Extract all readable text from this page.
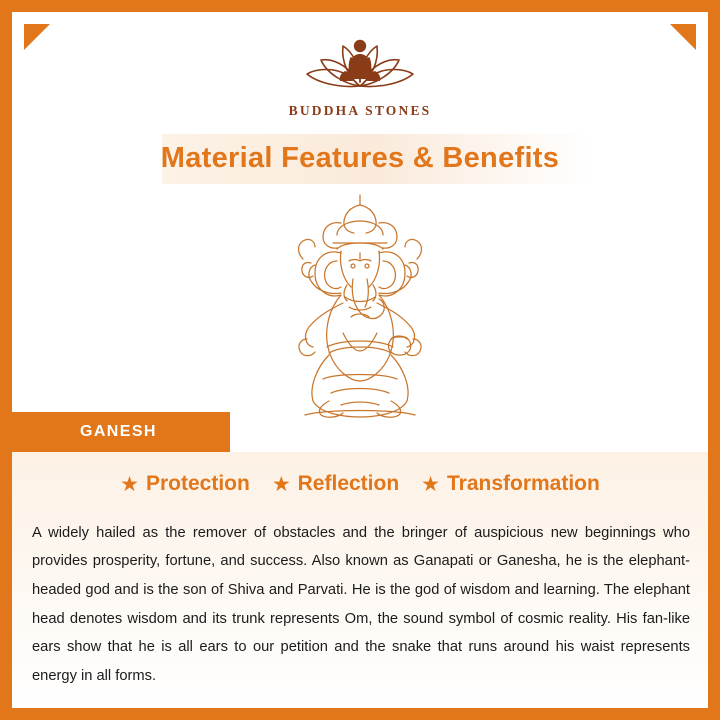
BUDDHA STONES
Material Features & Benefits
GANESH
★ Protection ★ Reflection ★ Transformation

A widely hailed as the remover of obstacles and the bringer of auspicious new beginnings who provides prosperity, fortune, and success. Also known as Ganapati or Ganesha, he is the elephant-headed god and is the son of Shiva and Parvati. He is the god of wisdom and learning. The elephant head denotes wisdom and its trunk represents Om, the sound symbol of cosmic reality. His fan-like ears show that he is all ears to our petition and the snake that runs around his waist represents energy in all forms.
